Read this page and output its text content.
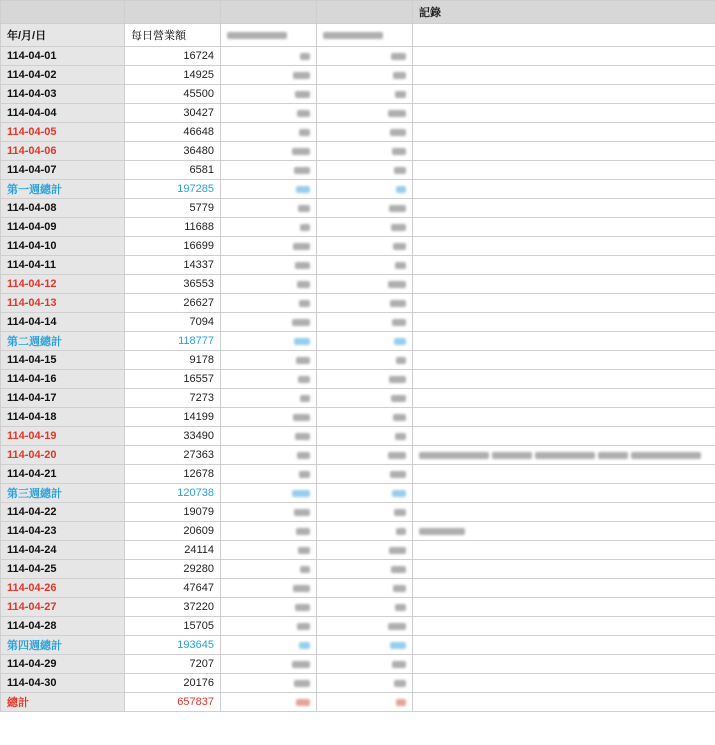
				記錄
年/月/日	每日營業額			
114-04-01	16724			
114-04-02	14925			
114-04-03	45500			
114-04-04	30427			
114-04-05	46648			
114-04-06	36480			
114-04-07	6581			
第一週總計	197285			
114-04-08	5779			
114-04-09	11688			
114-04-10	16699			
114-04-11	14337			
114-04-12	36553			
114-04-13	26627			
114-04-14	7094			
第二週總計	118777			
114-04-15	9178			
114-04-16	16557			
114-04-17	7273			
114-04-18	14199			
114-04-19	33490			
114-04-20	27363			
114-04-21	12678			
第三週總計	120738			
114-04-22	19079			
114-04-23	20609			
114-04-24	24114			
114-04-25	29280			
114-04-26	47647			
114-04-27	37220			
114-04-28	15705			
第四週總計	193645			
114-04-29	7207			
114-04-30	20176			
總計	657837			
